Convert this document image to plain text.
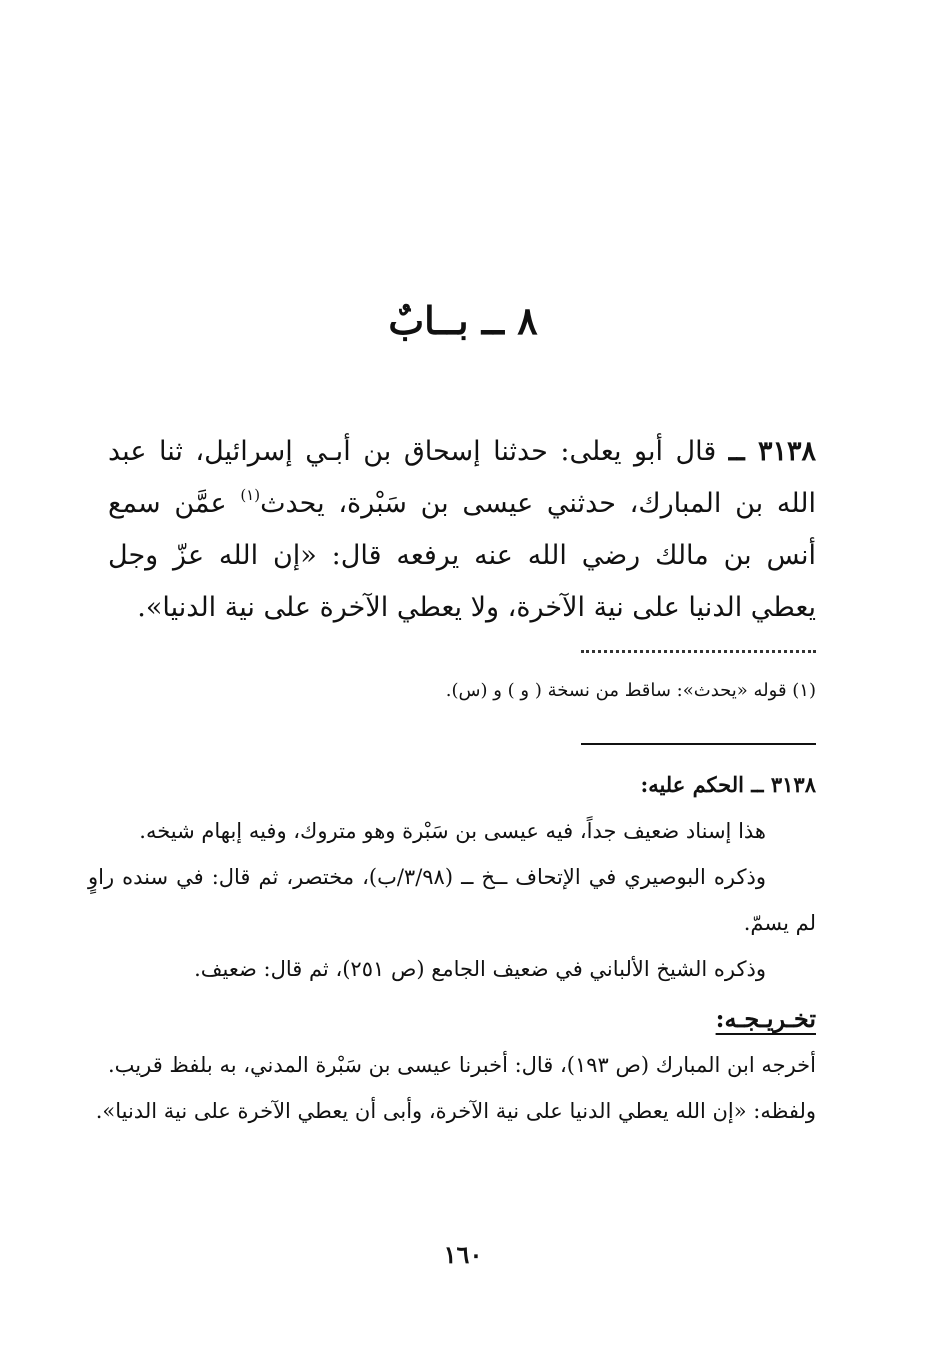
٨ ــ بــابٌ

٣١٣٨ ــ قال أبو يعلى: حدثنا إسحاق بن أبـي إسرائيل، ثنا عبد الله بن المبارك، حدثني عيسى بن سَبْرة، يحدث$^{(١)}$ عمَّن سمع أنس بن مالك رضي الله عنه يرفعه قال: «إن الله عزّ وجل يعطي الدنيا على نية الآخرة، ولا يعطي الآخرة على نية الدنيا».

(١) قوله «يحدث»: ساقط من نسخة ( و ) و (س).

٣١٣٨ ــ الحكم عليه:

هذا إسناد ضعيف جداً، فيه عيسى بن سَبْرة وهو متروك، وفيه إبهام شيخه.

وذكره البوصيري في الإتحاف ــخ ــ (٣/٩٨/ب)، مختصر، ثم قال: في سنده راوٍ لم يسمّ.

وذكره الشيخ الألباني في ضعيف الجامع (ص ٢٥١)، ثم قال: ضعيف.

تخـريـجـه:

أخرجه ابن المبارك (ص ١٩٣)، قال: أخبرنا عيسى بن سَبْرة المدني، به بلفظ قريب.

ولفظه: «إن الله يعطي الدنيا على نية الآخرة، وأبى أن يعطي الآخرة على نية الدنيا».

١٦٠
